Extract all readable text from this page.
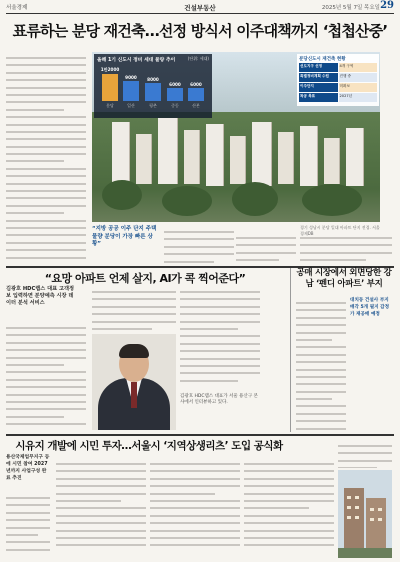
서울경제	건설부동산	2025년 5월 7일 목요일 29
표류하는 분당 재건축…선정 방식서 이주대책까지 ‘첩첩산중’
올해 1기 신도시 정비 세대 물량 추이	(단위: 세대)
1만2000
분당
9000
일산
8000
평촌
6000
중동
6000
산본
분당신도시 재건축 현황
선도지구 선정	4개 구역
특별정비계획 수립	진행 중
이주단지	미확보
착공 목표	2027년
경기 성남시 분당 일대 아파트 단지 전경. 서울경제DB
“지방 공공 이주 단지 주택 물량 분당이 가장 빠른 상황”
“요망 아파트 언제 살지, AI가 콕 찍어준다”
김광호 HDC랩스 대표 고객정보 입력하면 분양예측 시장 데이터 분석 서비스
김광호 HDC랩스 대표가 서울 용산구 본사에서 인터뷰하고 있다.
공매 시장에서 외면당한 강남 ‘펜디 아파트’ 부지
대치동 건설사 부지 매각 5개 필지 감정가 재공매 예정
시유지 개발에 시민 투자…서울시 ‘지역상생리츠’ 도입 공식화
용산국제업무지구 등에 시민 참여 2027년까지 사업구성 완료 추진
